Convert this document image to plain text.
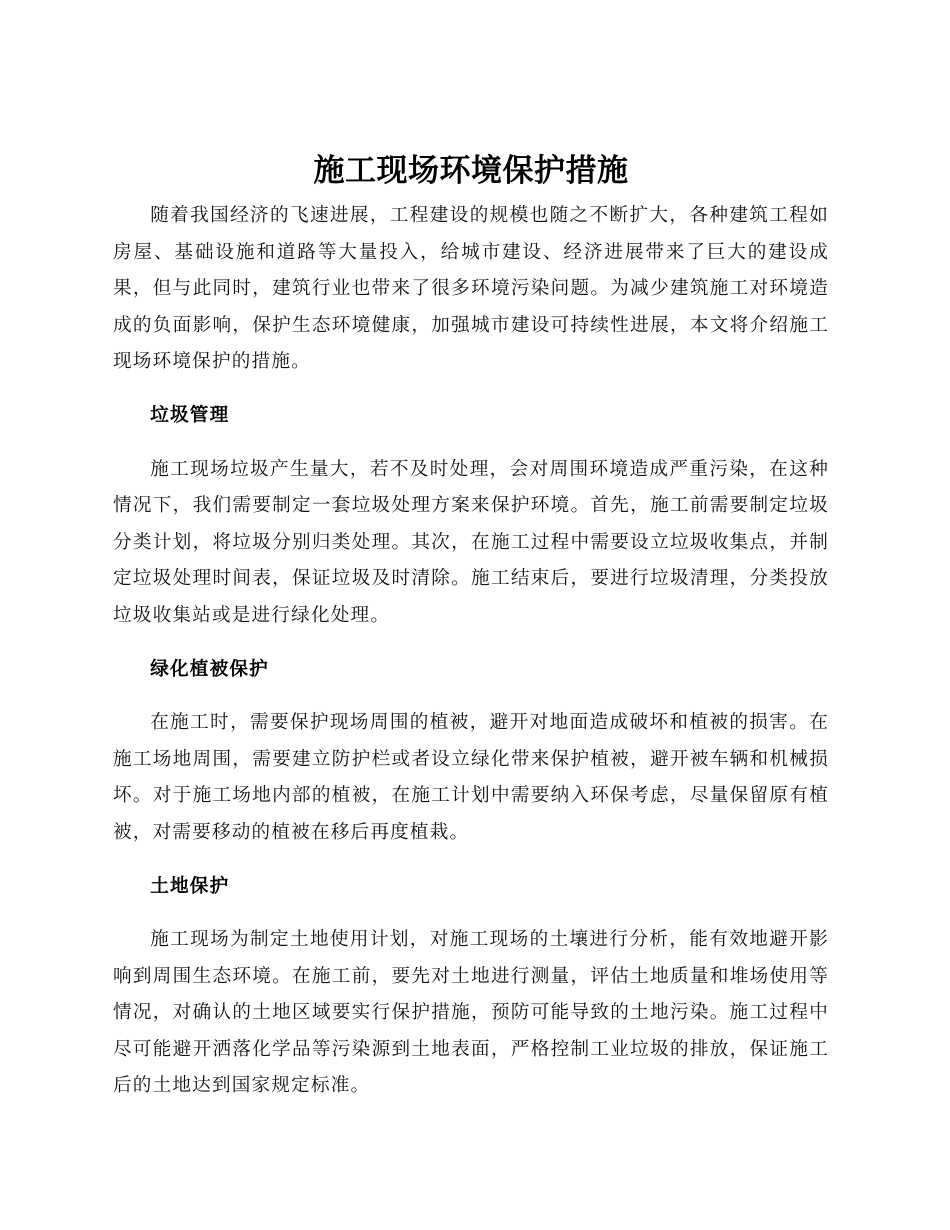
施工现场环境保护措施

随着我国经济的飞速进展，工程建设的规模也随之不断扩大，各种建筑工程如房屋、基础设施和道路等大量投入，给城市建设、经济进展带来了巨大的建设成果，但与此同时，建筑行业也带来了很多环境污染问题。为减少建筑施工对环境造成的负面影响，保护生态环境健康，加强城市建设可持续性进展，本文将介绍施工现场环境保护的措施。

垃圾管理

施工现场垃圾产生量大，若不及时处理，会对周围环境造成严重污染，在这种情况下，我们需要制定一套垃圾处理方案来保护环境。首先，施工前需要制定垃圾分类计划，将垃圾分别归类处理。其次，在施工过程中需要设立垃圾收集点，并制定垃圾处理时间表，保证垃圾及时清除。施工结束后，要进行垃圾清理，分类投放垃圾收集站或是进行绿化处理。

绿化植被保护

在施工时，需要保护现场周围的植被，避开对地面造成破坏和植被的损害。在施工场地周围，需要建立防护栏或者设立绿化带来保护植被，避开被车辆和机械损坏。对于施工场地内部的植被，在施工计划中需要纳入环保考虑，尽量保留原有植被，对需要移动的植被在移后再度植栽。

土地保护

施工现场为制定土地使用计划，对施工现场的土壤进行分析，能有效地避开影响到周围生态环境。在施工前，要先对土地进行测量，评估土地质量和堆场使用等情况，对确认的土地区域要实行保护措施，预防可能导致的土地污染。施工过程中尽可能避开洒落化学品等污染源到土地表面，严格控制工业垃圾的排放，保证施工后的土地达到国家规定标准。
